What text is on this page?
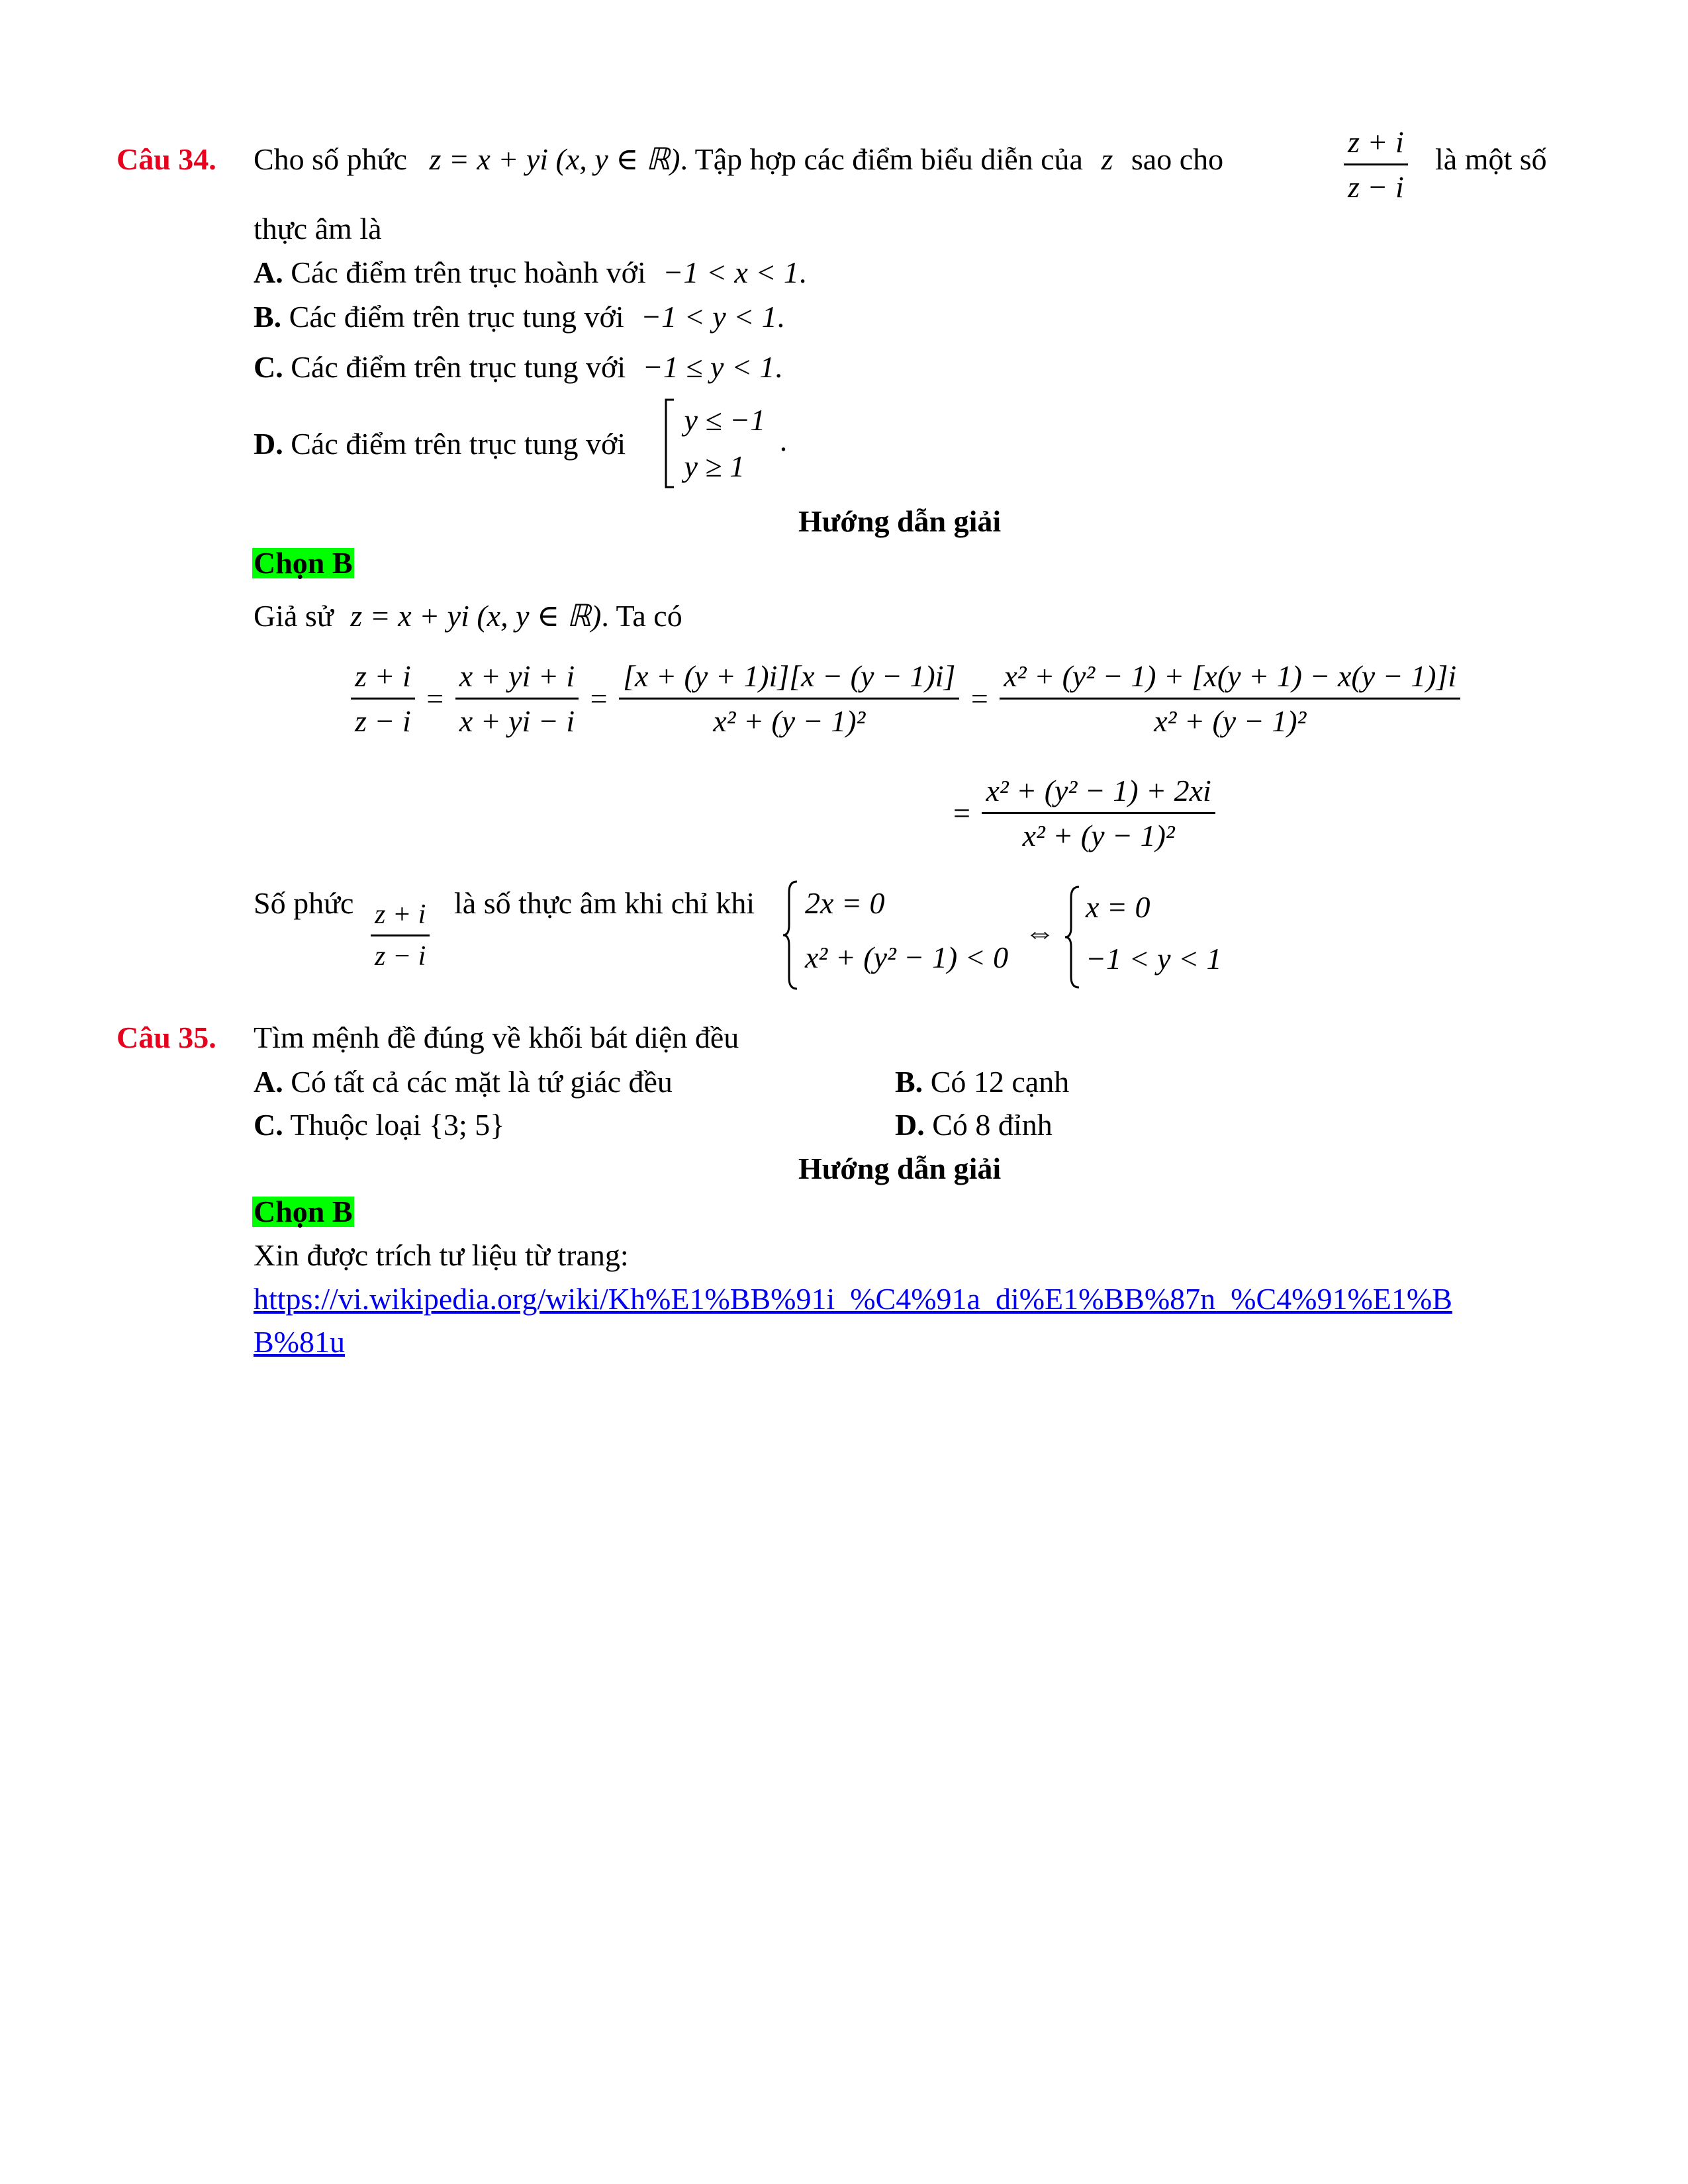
Câu 34. Cho số phức z = x + yi (x, y ∈ ℝ). Tập hợp các điểm biểu diễn của z sao cho	$\frac{z + i}{z - i}$ là một số
thực âm là
A. Các điểm trên trục hoành với −1 < x < 1.
B. Các điểm trên trục tung với −1 < y < 1.
C. Các điểm trên trục tung với −1 ≤ y < 1.
D. Các điểm trên trục tung với

y ≤ −1
y ≥ 1
.
Hướng dẫn giải
Chọn B
Giả sử z = x + yi (x, y ∈ ℝ). Ta có
$\frac{z + i}{z - i} = \frac{x + yi + i}{x + yi - i} = \frac{[x + (y + 1)i][x - (y - 1)i]}{\text{x² + (y − 1)²}} = \frac{\text{x² + (y² − 1) + [x(y + 1) − x(y − 1)]i}}{\text{x² + (y − 1)²}}$
= $\frac{\text{x² + (y² − 1) + 2xi}}{\text{x² + (y − 1)²}}$
Số phức $\frac{z + i}{z - i}$ là số thực âm khi chỉ khi 2x = 0
x² + (y² − 1) < 0
⇔
x = 0
−1 < y < 1
Câu 35. Tìm mệnh đề đúng về khối bát diện đều
A. Có tất cả các mặt là tứ giác đều	B. Có 12 cạnh
C. Thuộc loại {3; 5}	D. Có 8 đỉnh
Hướng dẫn giải
Chọn B
Xin được trích tư liệu từ trang:
https://vi.wikipedia.org/wiki/Kh%E1%BB%91i_%C4%91a_di%E1%BB%87n_%C4%91%E1%B
B%81u
